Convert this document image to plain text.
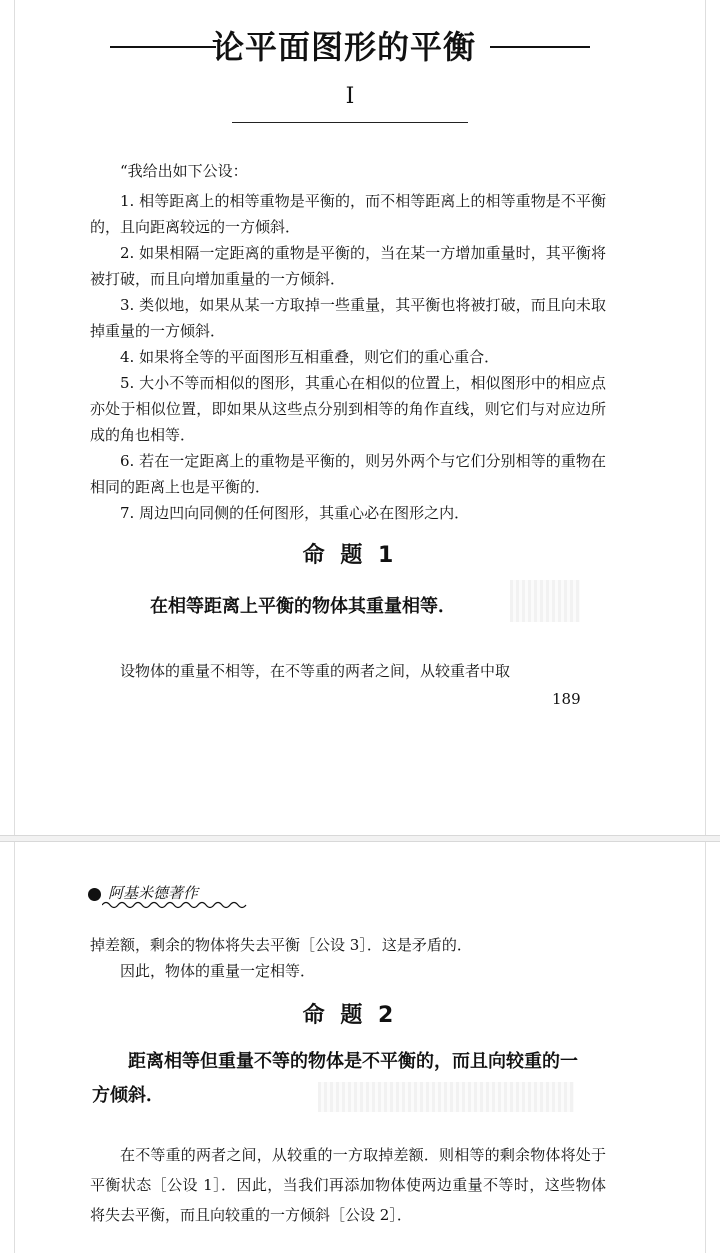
论平面图形的平衡
I
“我给出如下公设：
1. 相等距离上的相等重物是平衡的，而不相等距离上的相等重物是不平衡的，且向距离较远的一方倾斜．
2. 如果相隔一定距离的重物是平衡的，当在某一方增加重量时，其平衡将被打破，而且向增加重量的一方倾斜．
3. 类似地，如果从某一方取掉一些重量，其平衡也将被打破，而且向未取掉重量的一方倾斜．
4. 如果将全等的平面图形互相重叠，则它们的重心重合．
5. 大小不等而相似的图形，其重心在相似的位置上，相似图形中的相应点亦处于相似位置，即如果从这些点分别到相等的角作直线，则它们与对应边所成的角也相等．
6. 若在一定距离上的重物是平衡的，则另外两个与它们分别相等的重物在相同的距离上也是平衡的．
7. 周边凹向同侧的任何图形，其重心必在图形之内．
命 题 1
在相等距离上平衡的物体其重量相等．
设物体的重量不相等，在不等重的两者之间，从较重者中取
189
阿基米德著作
掉差额，剩余的物体将失去平衡［公设 3］．这是矛盾的．
因此，物体的重量一定相等．
命 题 2
距离相等但重量不等的物体是不平衡的，而且向较重的一方倾斜．
在不等重的两者之间，从较重的一方取掉差额．则相等的剩余物体将处于平衡状态［公设 1］．因此，当我们再添加物体使两边重量不等时，这些物体将失去平衡，而且向较重的一方倾斜［公设 2］．
